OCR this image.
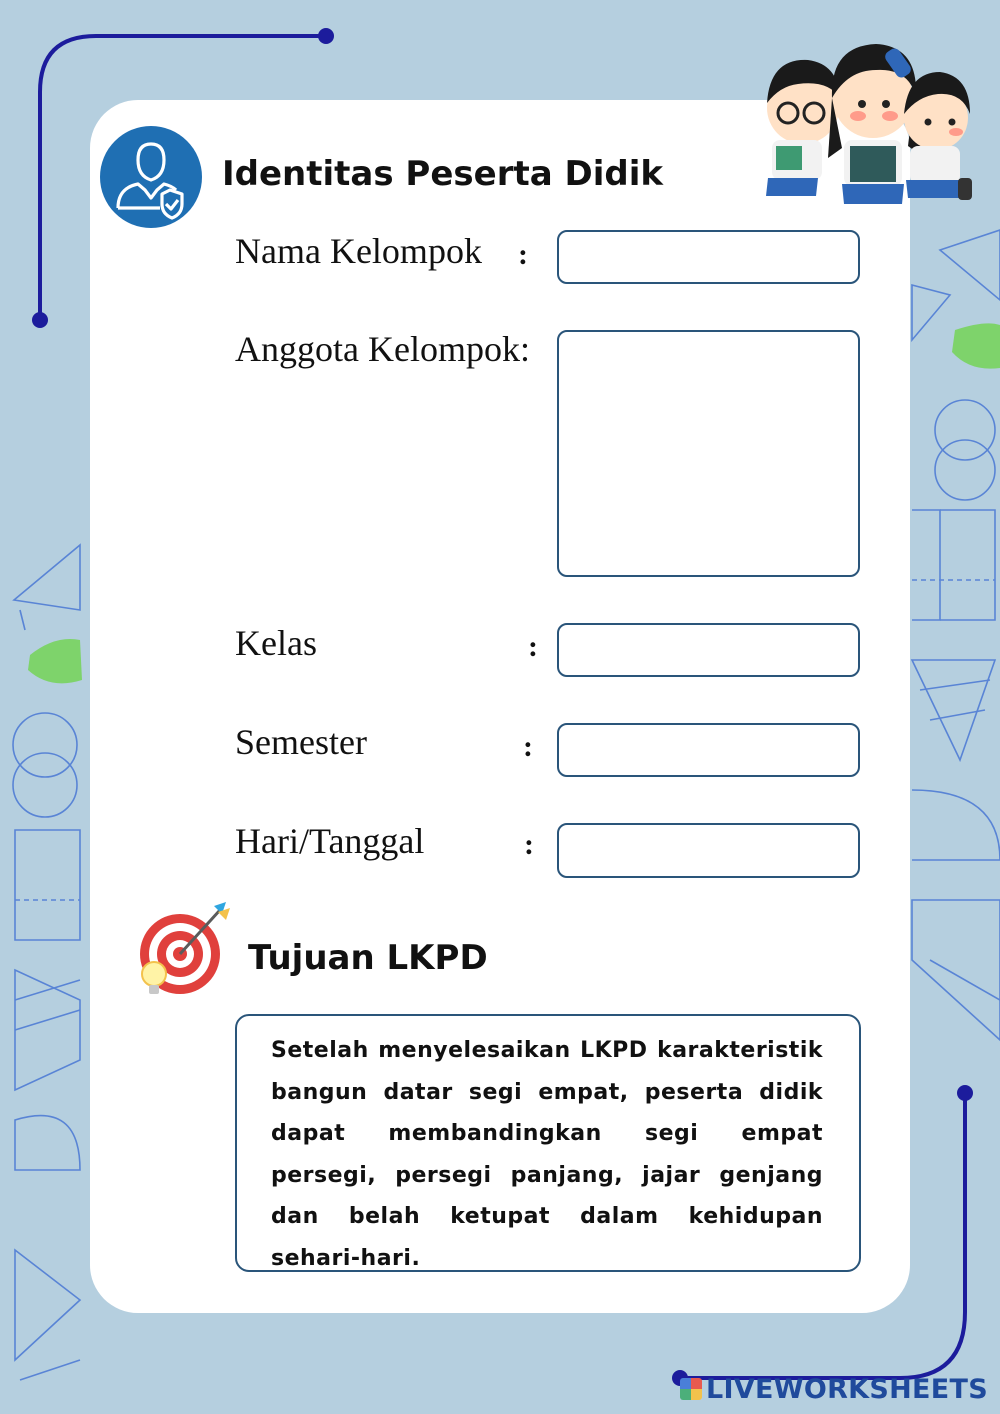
Identitas Peserta Didik
Nama Kelompok :
Anggota Kelompok:
Kelas	:
Semester	:
Hari/Tanggal	:
Tujuan LKPD

Setelah menyelesaikan LKPD karakteristik bangun datar segi empat, peserta didik dapat membandingkan segi empat persegi, persegi panjang, jajar genjang dan belah ketupat dalam kehidupan sehari-hari.

LIVEWORKSHEETS
